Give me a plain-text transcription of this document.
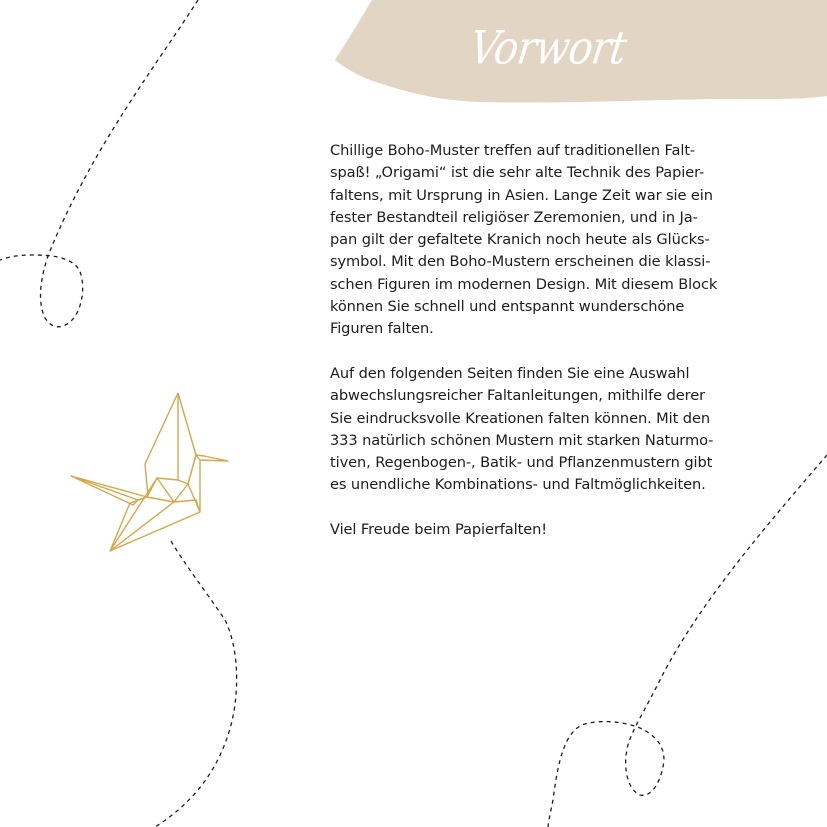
Vorwort

Chillige Boho-Muster treffen auf traditionellen Falt-
spaß! „Origami“ ist die sehr alte Technik des Papier-
faltens, mit Ursprung in Asien. Lange Zeit war sie ein
fester Bestandteil religiöser Zeremonien, und in Ja-
pan gilt der gefaltete Kranich noch heute als Glücks-
symbol. Mit den Boho-Mustern erscheinen die klassi-
schen Figuren im modernen Design. Mit diesem Block
können Sie schnell und entspannt wunderschöne
Figuren falten.

Auf den folgenden Seiten finden Sie eine Auswahl
abwechslungsreicher Faltanleitungen, mithilfe derer
Sie eindrucksvolle Kreationen falten können. Mit den
333 natürlich schönen Mustern mit starken Naturmo-
tiven, Regenbogen-, Batik- und Pflanzenmustern gibt
es unendliche Kombinations- und Faltmöglichkeiten.

Viel Freude beim Papierfalten!
